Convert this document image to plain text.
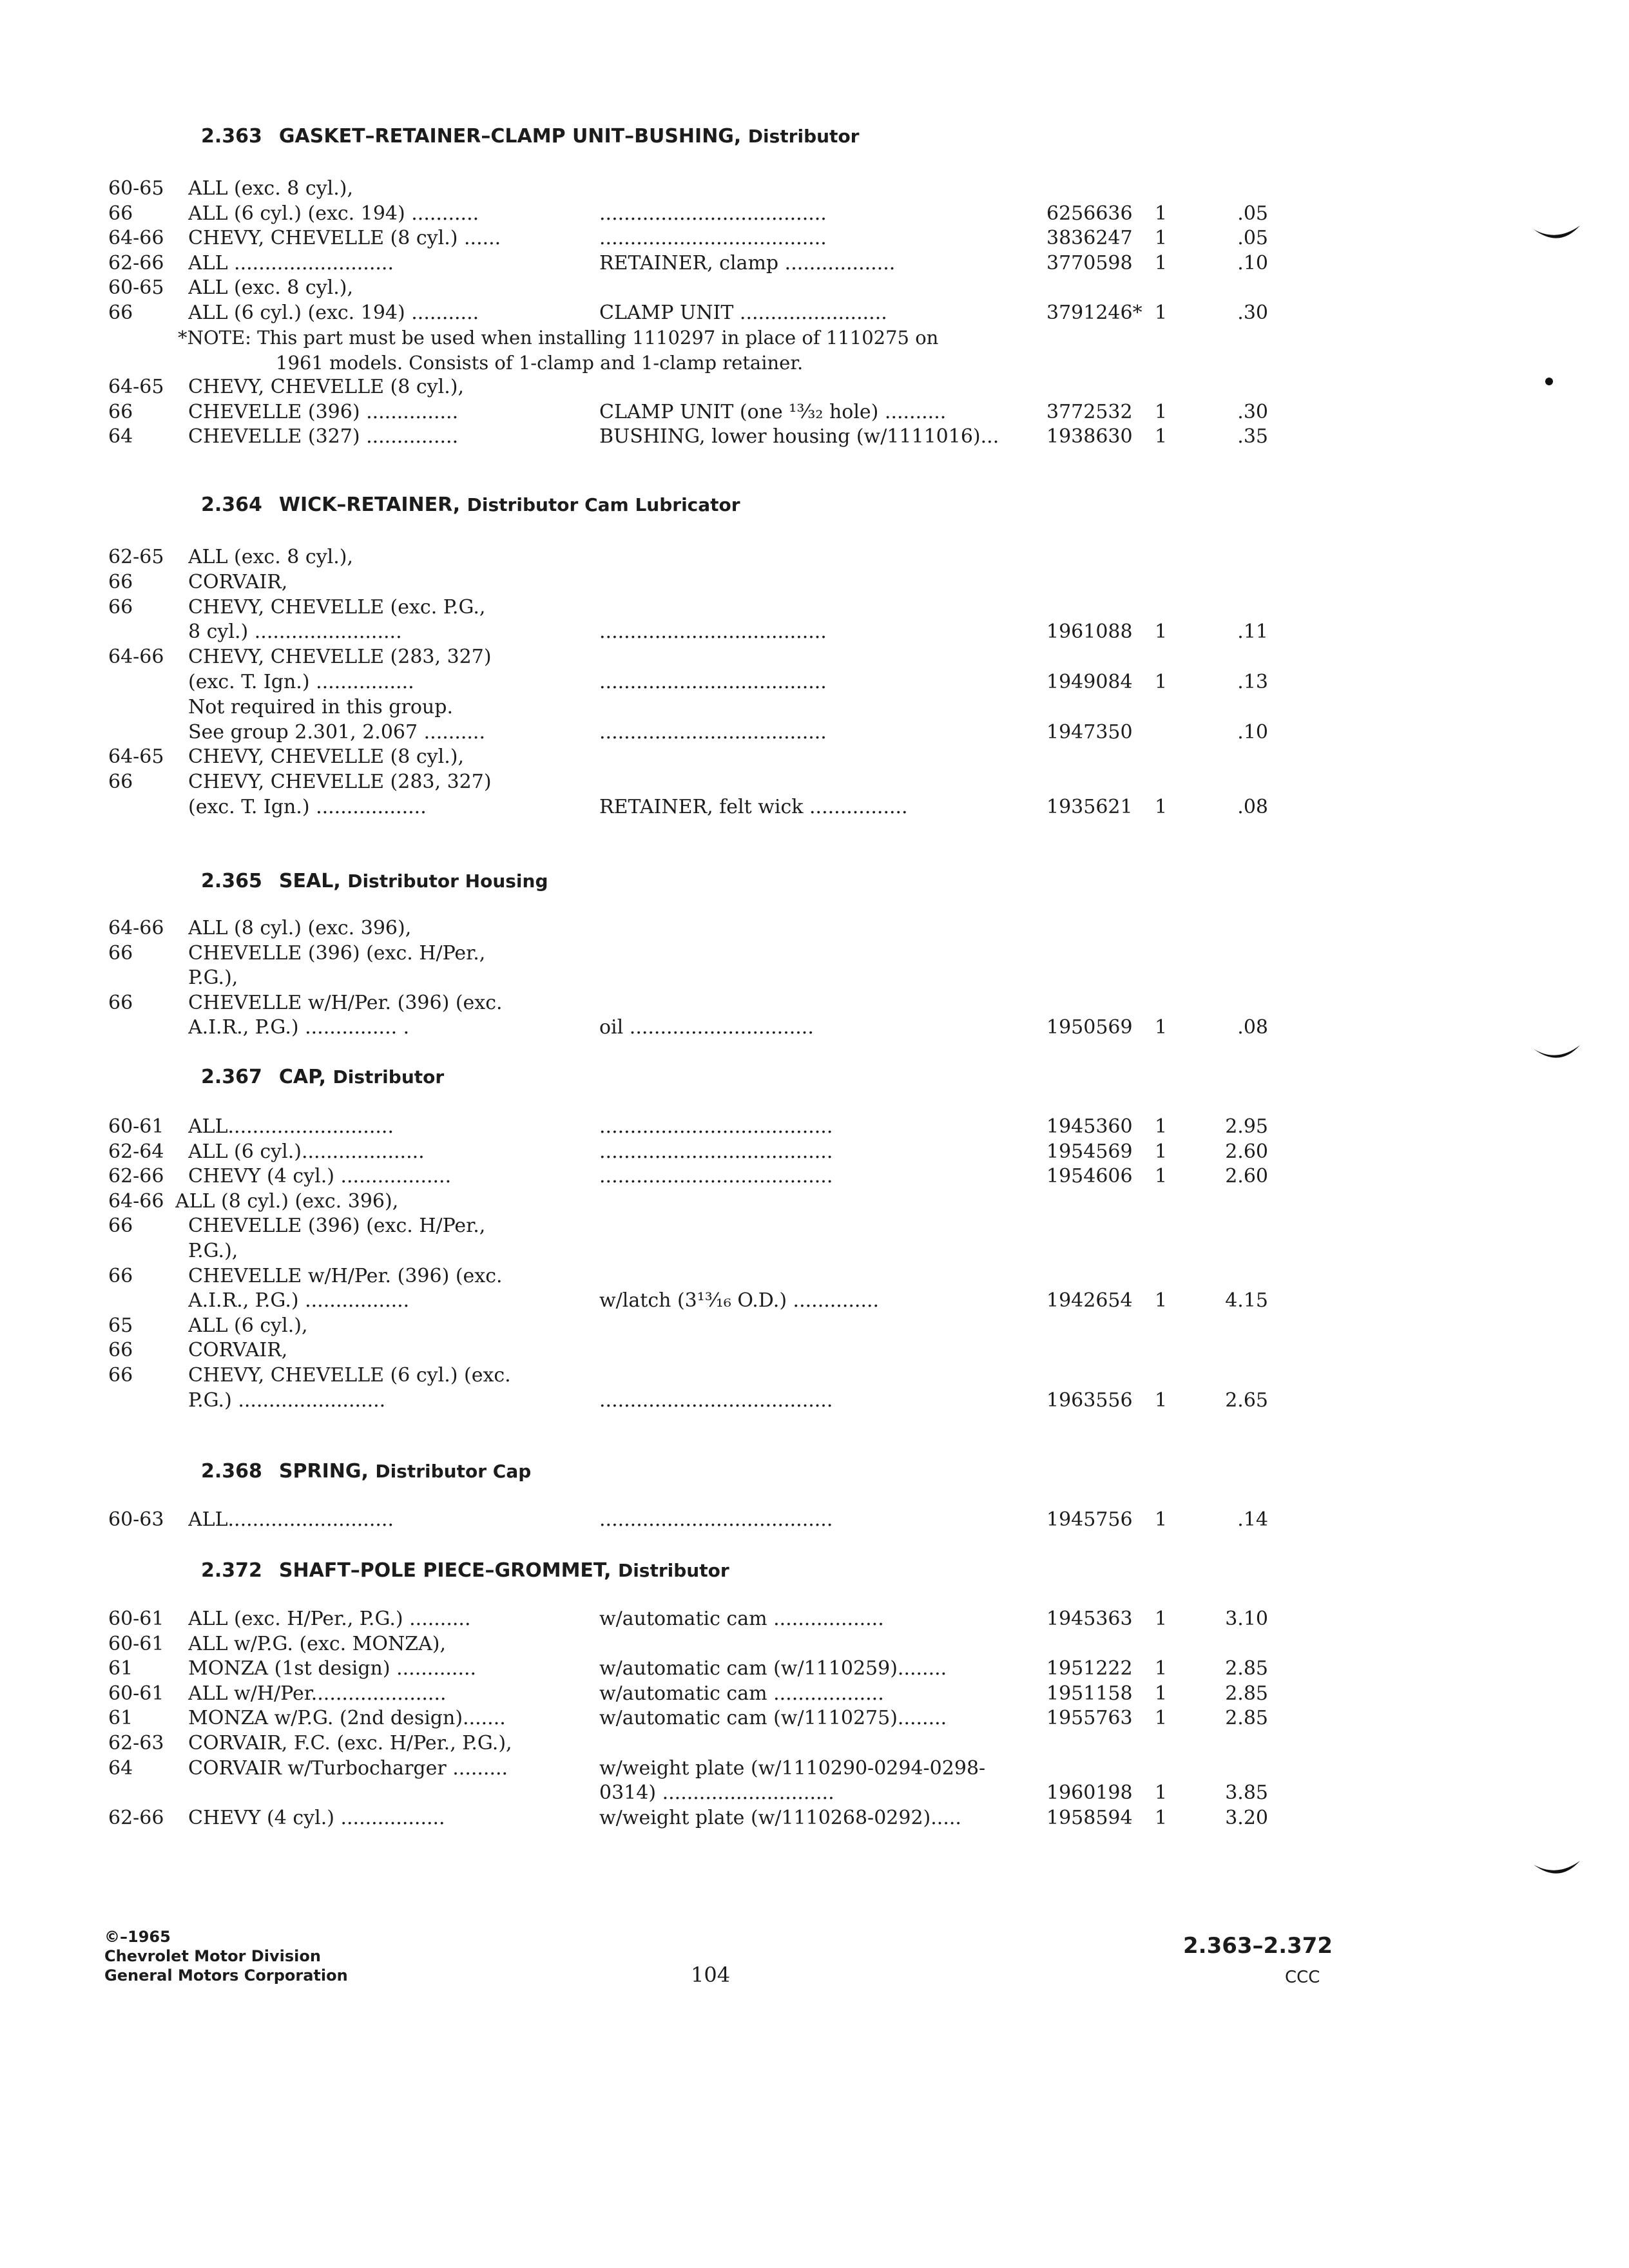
2.363 GASKET–RETAINER–CLAMP UNIT–BUSHING, Distributor
60-65	ALL (exc. 8 cyl.),
66	ALL (6 cyl.) (exc. 194) ...........	.....................................	6256636	1	.05
64-66	CHEVY, CHEVELLE (8 cyl.) ......	.....................................	3836247	1	.05
62-66	ALL ..........................	RETAINER, clamp ..................	3770598	1	.10
60-65	ALL (exc. 8 cyl.),
66	ALL (6 cyl.) (exc. 194) ...........	CLAMP UNIT ........................	3791246* 1	.30
*NOTE: This part must be used when installing 1110297 in place of 1110275 on
1961 models. Consists of 1-clamp and 1-clamp retainer.
64-65	CHEVY, CHEVELLE (8 cyl.),
66	CHEVELLE (396) ...............	CLAMP UNIT (one ¹³⁄₃₂ hole) ..........	3772532	1	.30
64	CHEVELLE (327) ...............	BUSHING, lower housing (w/1111016)...	1938630	1	.35
2.364 WICK–RETAINER, Distributor Cam Lubricator
62-65	ALL (exc. 8 cyl.),
66	CORVAIR,
66	CHEVY, CHEVELLE (exc. P.G.,
8 cyl.) ........................	.....................................	1961088	1	.11
64-66	CHEVY, CHEVELLE (283, 327)
(exc. T. Ign.) ................	.....................................	1949084	1	.13
Not required in this group.
See group 2.301, 2.067 ..........	.....................................	1947350	.10
64-65	CHEVY, CHEVELLE (8 cyl.),
66	CHEVY, CHEVELLE (283, 327)
(exc. T. Ign.) ..................	RETAINER, felt wick ................	1935621	1	.08
2.365 SEAL, Distributor Housing
64-66	ALL (8 cyl.) (exc. 396),
66	CHEVELLE (396) (exc. H/Per.,
P.G.),
66	CHEVELLE w/H/Per. (396) (exc.
A.I.R., P.G.) ............... .	oil ..............................	1950569	1	.08
2.367 CAP, Distributor
60-61	ALL...........................	......................................	1945360	1	2.95
62-64	ALL (6 cyl.)....................	......................................	1954569	1	2.60
62-66	CHEVY (4 cyl.) ..................	......................................	1954606	1	2.60
64-66 ALL (8 cyl.) (exc. 396),
66	CHEVELLE (396) (exc. H/Per.,
P.G.),
66	CHEVELLE w/H/Per. (396) (exc.
A.I.R., P.G.) .................	w/latch (3¹³⁄₁₆ O.D.) ..............	1942654	1	4.15
65	ALL (6 cyl.),
66	CORVAIR,
66	CHEVY, CHEVELLE (6 cyl.) (exc.
P.G.) ........................	......................................	1963556	1	2.65
2.368 SPRING, Distributor Cap
60-63	ALL...........................	......................................	1945756	1	.14
2.372 SHAFT–POLE PIECE–GROMMET, Distributor
60-61	ALL (exc. H/Per., P.G.) ..........	w/automatic cam ..................	1945363	1	3.10
60-61	ALL w/P.G. (exc. MONZA),
61	MONZA (1st design) .............	w/automatic cam (w/1110259)........	1951222	1	2.85
60-61	ALL w/H/Per......................	w/automatic cam ..................	1951158	1	2.85
61	MONZA w/P.G. (2nd design).......	w/automatic cam (w/1110275)........	1955763	1	2.85
62-63	CORVAIR, F.C. (exc. H/Per., P.G.),
64	CORVAIR w/Turbocharger .........	w/weight plate (w/1110290-0294-0298-
0314) ............................	1960198	1	3.85
62-66	CHEVY (4 cyl.) .................	w/weight plate (w/1110268-0292).....	1958594	1	3.20
©–1965
Chevrolet Motor Division
General Motors Corporation	104
2.363–2.372
CCC
